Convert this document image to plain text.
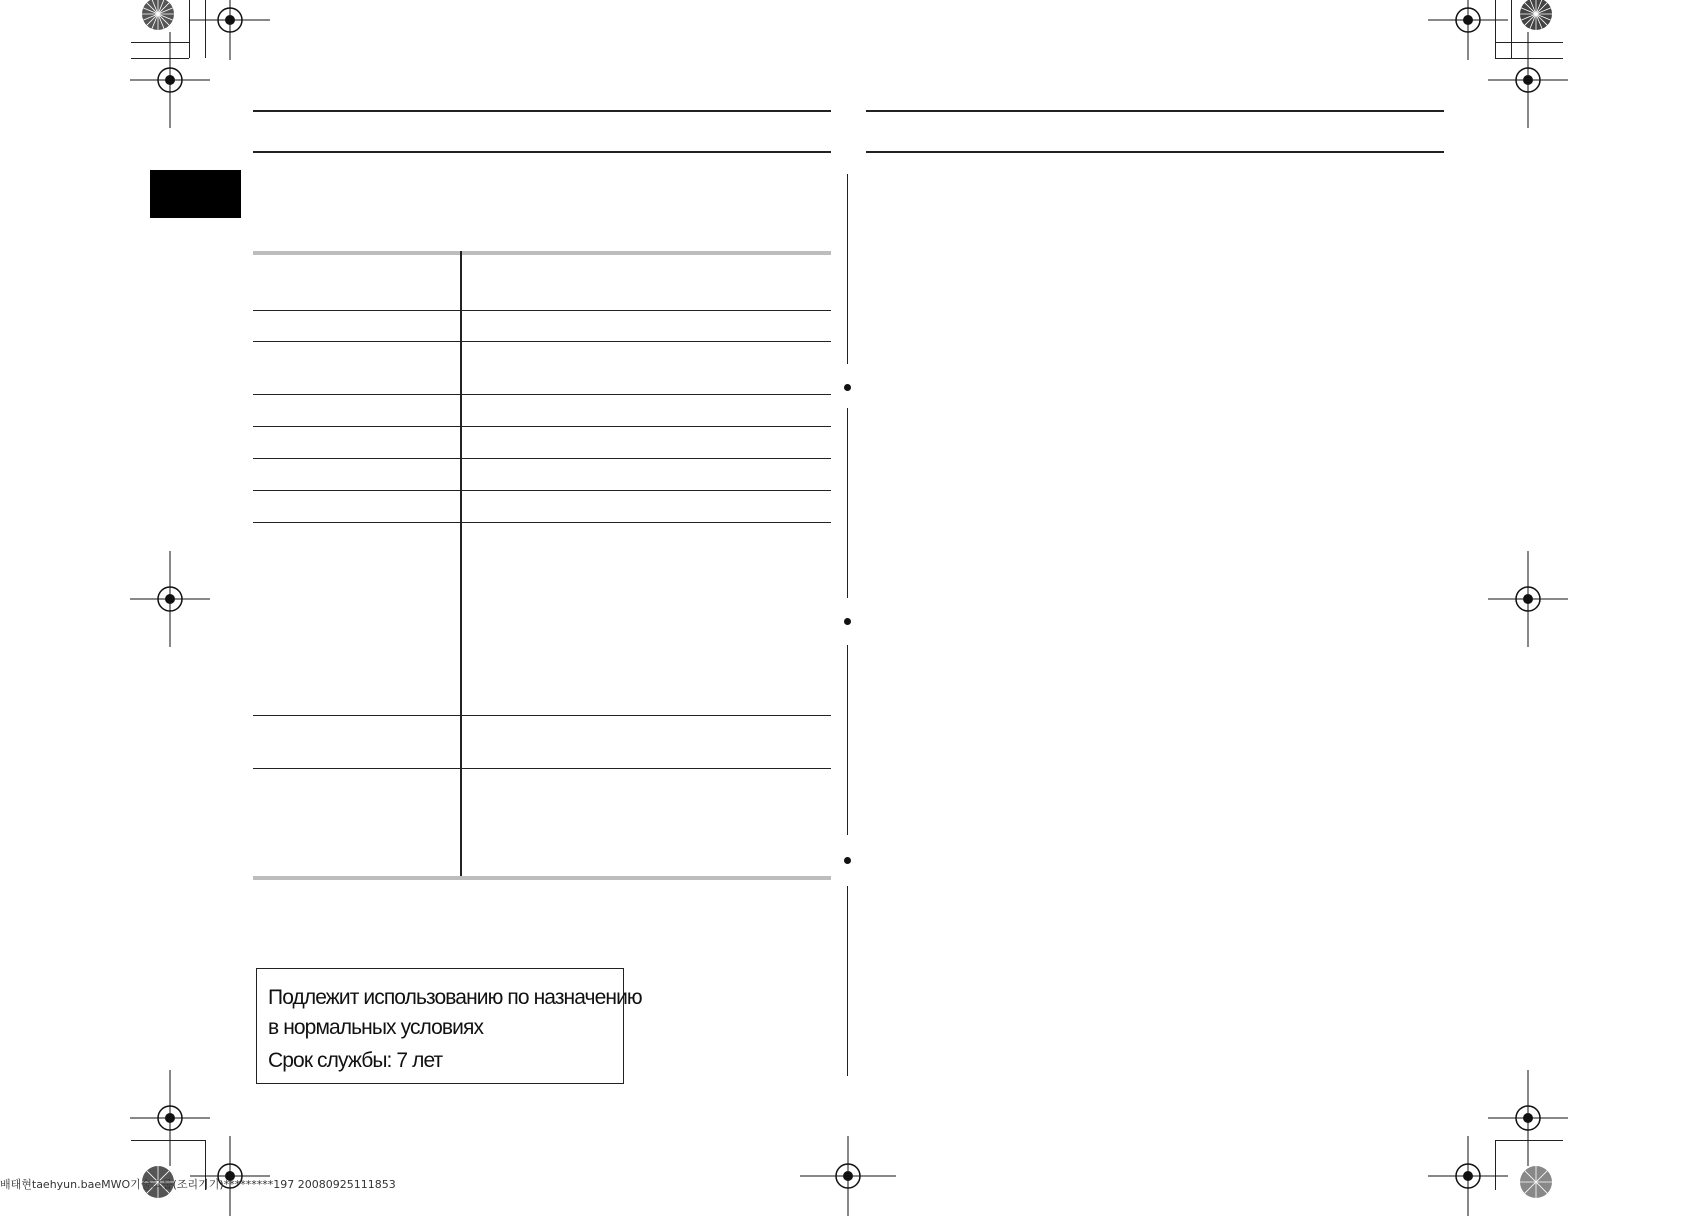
Подлежит использованию по назначению
в нормальных условиях
Срок службы: 7 лет
배태현taehyun.baeMWO기술그룹(조리기기)*********197 20080925111853
